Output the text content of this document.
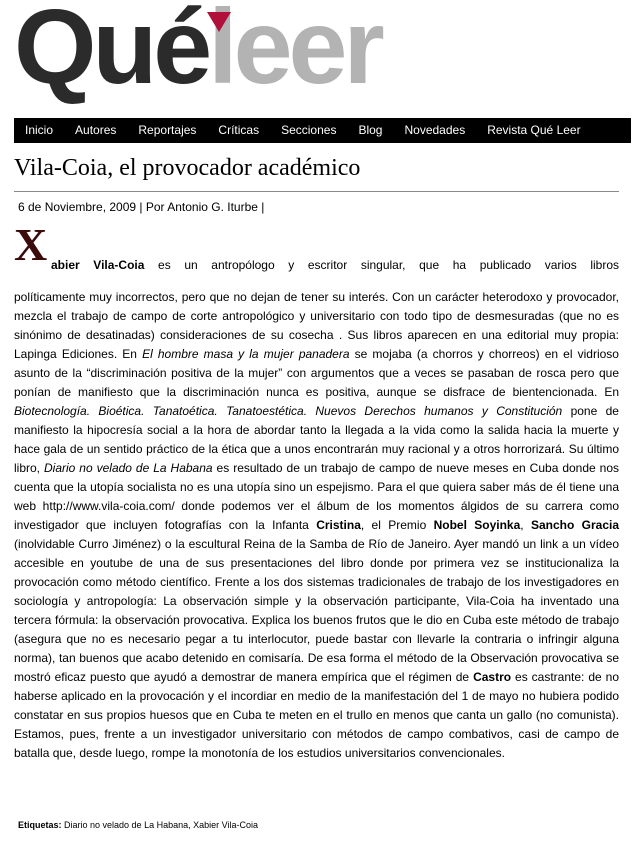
Quéleer
Inicio	Autores	Reportajes	Críticas	Secciones	Blog	Novedades	Revista Qué Leer
Vila-Coia, el provocador académico
6 de Noviembre, 2009 | Por Antonio G. Iturbe |
X abier Vila-Coia es un antropólogo y escritor singular, que ha publicado varios libros
políticamente muy incorrectos, pero que no dejan de tener su interés. Con un carácter heterodoxo y provocador, mezcla el trabajo de campo de corte antropológico y universitario con todo tipo de desmesuradas (que no es sinónimo de desatinadas) consideraciones de su cosecha . Sus libros aparecen en una editorial muy propia: Lapinga Ediciones. En El hombre masa y la mujer panadera se mojaba (a chorros y chorreos) en el vidrioso asunto de la “discriminación positiva de la mujer” con argumentos que a veces se pasaban de rosca pero que ponían de manifiesto que la discriminación nunca es positiva, aunque se disfrace de bientencionada. En Biotecnología. Bioética. Tanatoética. Tanatoestética. Nuevos Derechos humanos y Constitución pone de manifiesto la hipocresía social a la hora de abordar tanto la llegada a la vida como la salida hacia la muerte y hace gala de un sentido práctico de la ética que a unos encontrarán muy racional y a otros horrorizará. Su último libro, Diario no velado de La Habana es resultado de un trabajo de campo de nueve meses en Cuba donde nos cuenta que la utopía socialista no es una utopía sino un espejismo. Para el que quiera saber más de él tiene una web http://www.vila-coia.com/ donde podemos ver el álbum de los momentos álgidos de su carrera como investigador que incluyen fotografías con la Infanta Cristina, el Premio Nobel Soyinka, Sancho Gracia (inolvidable Curro Jiménez) o la escultural Reina de la Samba de Río de Janeiro. Ayer mandó un link a un vídeo accesible en youtube de una de sus presentaciones del libro donde por primera vez se institucionaliza la provocación como método científico. Frente a los dos sistemas tradicionales de trabajo de los investigadores en sociología y antropología: La observación simple y la observación participante, Vila-Coia ha inventado una tercera fórmula: la observación provocativa. Explica los buenos frutos que le dio en Cuba este método de trabajo (asegura que no es necesario pegar a tu interlocutor, puede bastar con llevarle la contraria o infringir alguna norma), tan buenos que acabo detenido en comisaría. De esa forma el método de la Observación provocativa se mostró eficaz puesto que ayudó a demostrar de manera empírica que el régimen de Castro es castrante: de no haberse aplicado en la provocación y el incordiar en medio de la manifestación del 1 de mayo no hubiera podido constatar en sus propios huesos que en Cuba te meten en el trullo en menos que canta un gallo (no comunista). Estamos, pues, frente a un investigador universitario con métodos de campo combativos, casi de campo de batalla que, desde luego, rompe la monotonía de los estudios universitarios convencionales.
Etiquetas: Diario no velado de La Habana, Xabier Vila-Coia
